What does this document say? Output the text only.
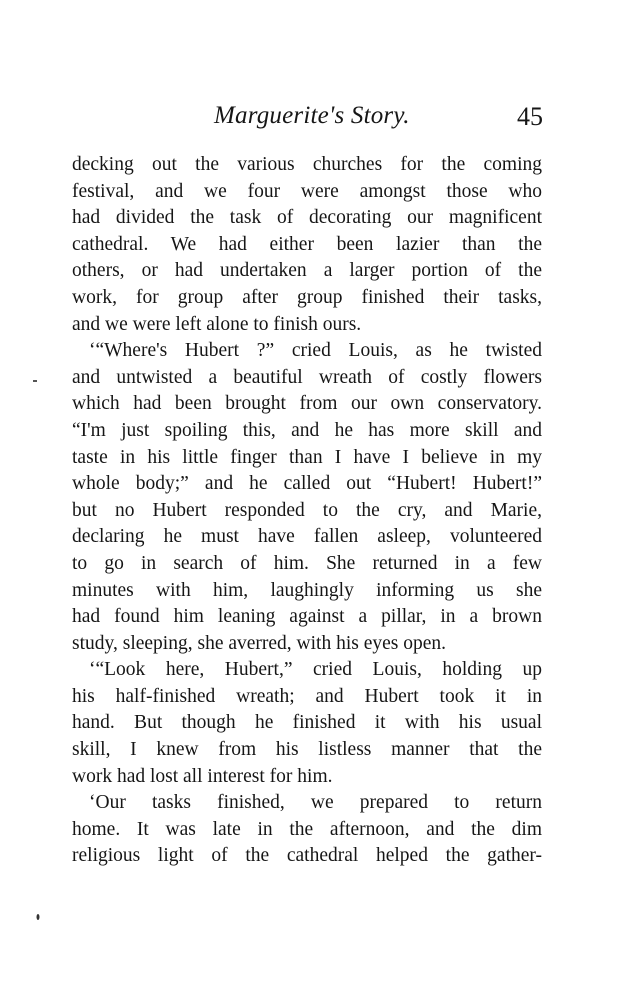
Marguerite's Story.	45
decking out the various churches for the coming
festival, and we four were amongst those who
had divided the task of decorating our magnificent
cathedral. We had either been lazier than the
others, or had undertaken a larger portion of the
work, for group after group finished their tasks,
and we were left alone to finish ours.
‘“Where's Hubert ?” cried Louis, as he twisted
and untwisted a beautiful wreath of costly flowers
which had been brought from our own conservatory.
“I'm just spoiling this, and he has more skill and
taste in his little finger than I have I believe in my
whole body;” and he called out “Hubert! Hubert!”
but no Hubert responded to the cry, and Marie,
declaring he must have fallen asleep, volunteered
to go in search of him. She returned in a few
minutes with him, laughingly informing us she
had found him leaning against a pillar, in a brown
study, sleeping, she averred, with his eyes open.
‘“Look here, Hubert,” cried Louis, holding up
his half-finished wreath; and Hubert took it in
hand. But though he finished it with his usual
skill, I knew from his listless manner that the
work had lost all interest for him.
‘Our tasks finished, we prepared to return
home. It was late in the afternoon, and the dim
religious light of the cathedral helped the gather-
